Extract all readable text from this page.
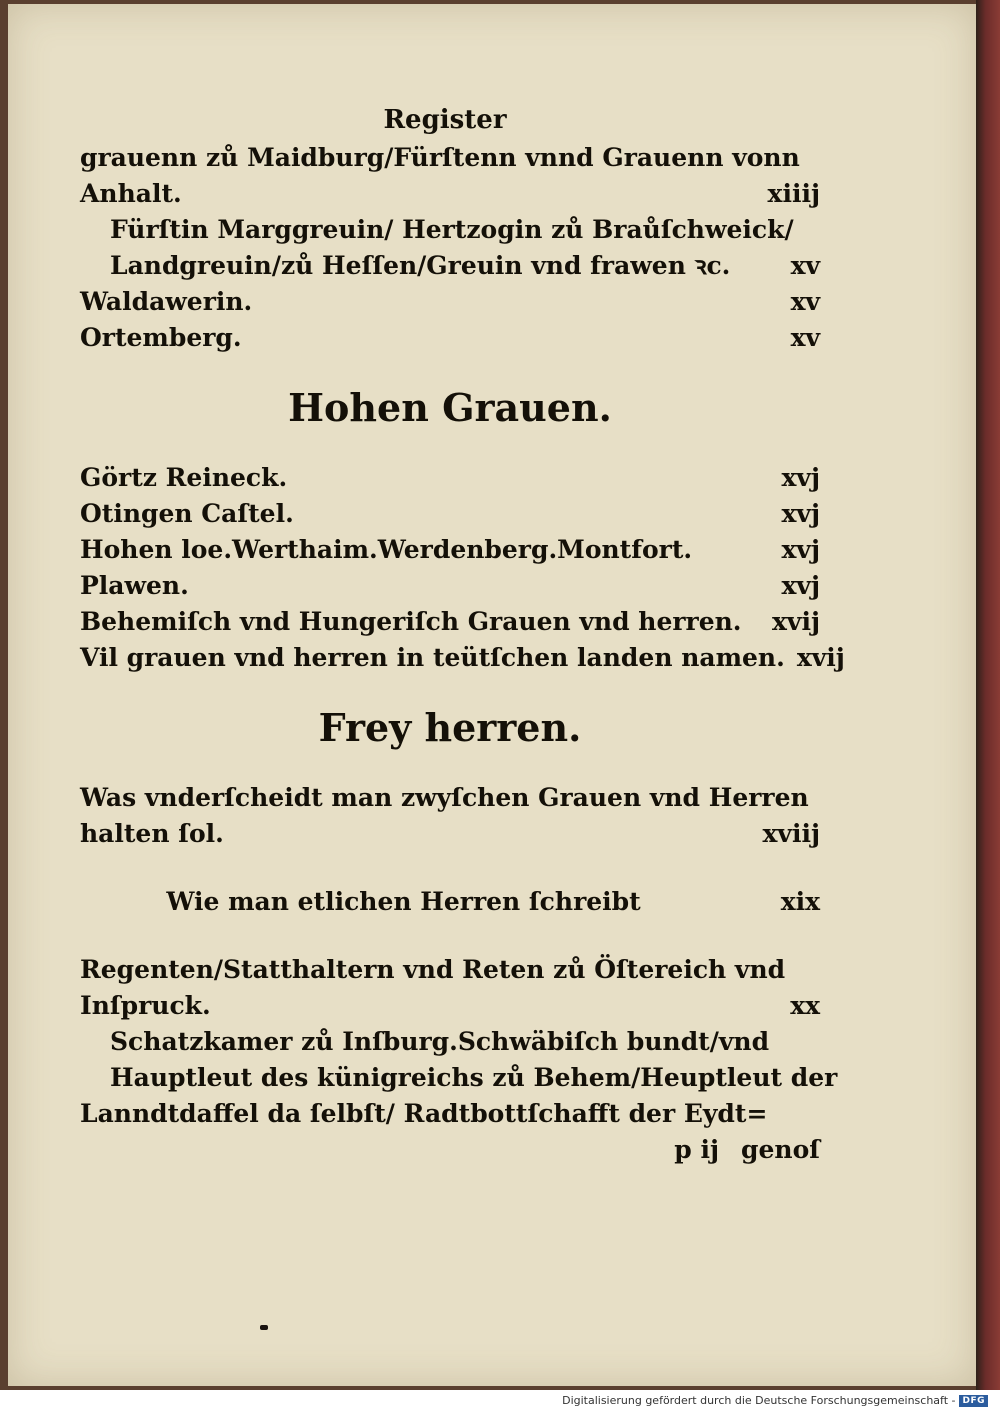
Register
grauenn zů Maidburg/Fürſtenn vnnd Grauenn vonn
Anhalt.	xiiij
Fürſtin Marggreuin/ Hertzogin zů Braůſchweick/
Landgreuin/zů Heſſen/Greuin vnd frawen ꝛc. xv
Waldawerin.	xv
Ortemberg.	xv
Hohen Grauen.
Görtz Reineck.	xvj
Otingen Caſtel.	xvj
Hohen loe.Werthaim.Werdenberg.Montfort.	xvj
Plawen.	xvj
Behemiſch vnd Hungeriſch Grauen vnd herren. xvij
Vil grauen vnd herren in teütſchen landen namen. xvij
Frey herren.
Was vnderſcheidt man zwyſchen Grauen vnd Herren
halten ſol.	xviij
Wie man etlichen Herren ſchreibt	xix
Regenten/Statthaltern vnd Reten zů Öſtereich vnd
Inſpruck.	xx
Schatzkamer zů Inſburg.Schwäbiſch bundt/vnd
Hauptleut des künigreichs zů Behem/Heuptleut der
Lanndtdaffel da ſelbſt/ Radtbottſchafft der Eydt=
p ij genoſ
Digitalisierung gefördert durch die Deutsche Forschungsgemeinschaft - DFG
